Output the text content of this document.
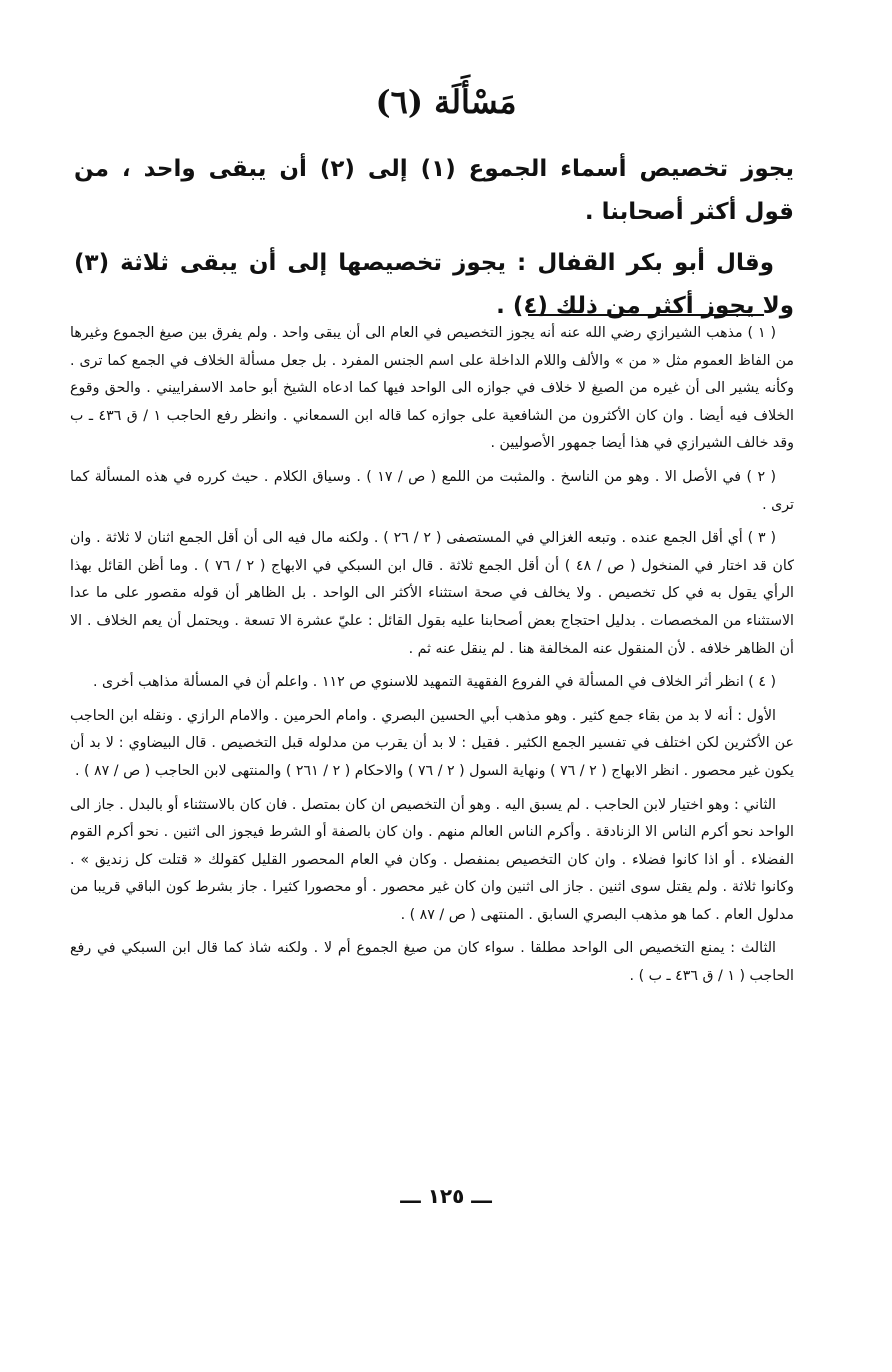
مَسْأَلَة (٦)

يجوز تخصيص أسماء الجموع (١) إلى (٢) أن يبقى واحد ، من قول أكثر أصحابنا .

وقال أبو بكر القفال : يجوز تخصيصها إلى أن يبقى ثلاثة (٣) ولا يجوز أكثر من ذلك (٤) .

( ١ ) مذهب الشيرازي رضي الله عنه أنه يجوز التخصيص في العام الى أن يبقى واحد . ولم يفرق بين صيغ الجموع وغيرها من الفاظ العموم مثل « من » والألف واللام الداخلة على اسم الجنس المفرد . بل جعل مسألة الخلاف في الجمع كما ترى . وكأنه يشير الى أن غيره من الصيغ لا خلاف في جوازه الى الواحد فيها كما ادعاه الشيخ أبو حامد الاسفراييني . والحق وقوع الخلاف فيه أيضا . وان كان الأكثرون من الشافعية على جوازه كما قاله ابن السمعاني . وانظر رفع الحاجب ١ / ق ٤٣٦ ـ ب وقد خالف الشيرازي في هذا أيضا جمهور الأصوليين .

( ٢ ) في الأصل الا . وهو من الناسخ . والمثبت من اللمع ( ص / ١٧ ) . وسياق الكلام . حيث كرره في هذه المسألة كما ترى .

( ٣ ) أي أقل الجمع عنده . وتبعه الغزالي في المستصفى ( ٢ / ٢٦ ) . ولكنه مال فيه الى أن أقل الجمع اثنان لا ثلاثة . وان كان قد اختار في المنخول ( ص / ٤٨ ) أن أقل الجمع ثلاثة . قال ابن السبكي في الابهاج ( ٢ / ٧٦ ) . وما أظن القائل بهذا الرأي يقول به في كل تخصيص . ولا يخالف في صحة استثناء الأكثر الى الواحد . بل الظاهر أن قوله مقصور على ما عدا الاستثناء من المخصصات . بدليل احتجاج بعض أصحابنا عليه بقول القائل : عليّ عشرة الا تسعة . ويحتمل أن يعم الخلاف . الا أن الظاهر خلافه . لأن المنقول عنه المخالفة هنا . لم ينقل عنه ثم .

( ٤ ) انظر أثر الخلاف في المسألة في الفروع الفقهية التمهيد للاسنوي ص ١١٢ . واعلم أن في المسألة مذاهب أخرى .

الأول : أنه لا بد من بقاء جمع كثير . وهو مذهب أبي الحسين البصري . وامام الحرمين . والامام الرازي . ونقله ابن الحاجب عن الأكثرين لكن اختلف في تفسير الجمع الكثير . فقيل : لا بد أن يقرب من مدلوله قبل التخصيص . قال البيضاوي : لا بد أن يكون غير محصور . انظر الابهاج ( ٢ / ٧٦ ) ونهاية السول ( ٢ / ٧٦ ) والاحكام ( ٢ / ٢٦١ ) والمنتهى لابن الحاجب ( ص / ٨٧ ) .

الثاني : وهو اختيار لابن الحاجب . لم يسبق اليه . وهو أن التخصيص ان كان بمتصل . فان كان بالاستثناء أو بالبدل . جاز الى الواحد نحو أكرم الناس الا الزنادقة . وأكرم الناس العالم منهم . وان كان بالصفة أو الشرط فيجوز الى اثنين . نحو أكرم القوم الفضلاء . أو اذا كانوا فضلاء . وان كان التخصيص بمنفصل . وكان في العام المحصور القليل كقولك « قتلت كل زنديق » . وكانوا ثلاثة . ولم يقتل سوى اثنين . جاز الى اثنين وان كان غير محصور . أو محصورا كثيرا . جاز بشرط كون الباقي قريبا من مدلول العام . كما هو مذهب البصري السابق . المنتهى ( ص / ٨٧ ) .

الثالث : يمنع التخصيص الى الواحد مطلقا . سواء كان من صيغ الجموع أم لا . ولكنه شاذ كما قال ابن السبكي في رفع الحاجب ( ١ / ق ٤٣٦ ـ ب ) .

ـــ ١٢٥ ـــ
